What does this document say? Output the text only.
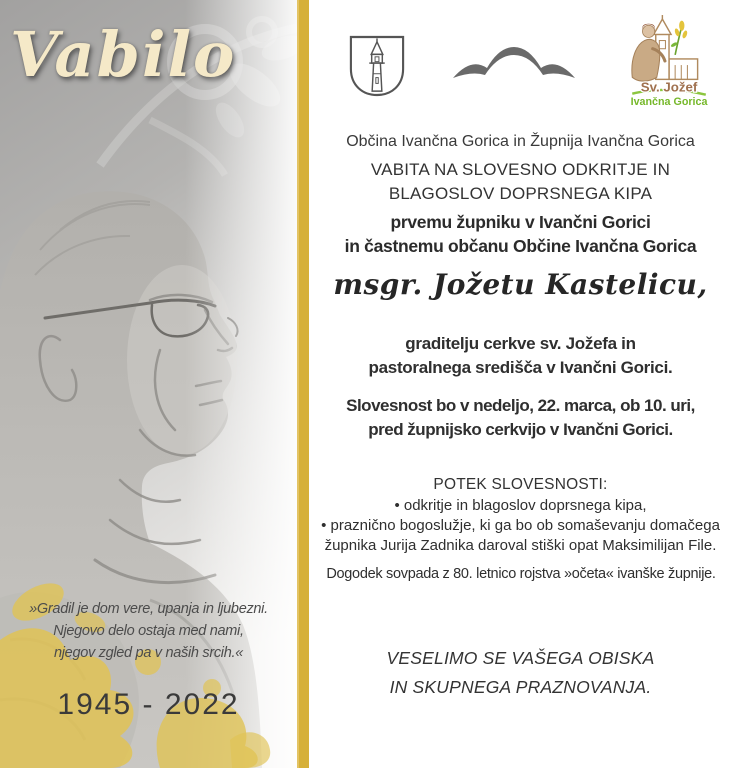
Vabilo
»Gradil je dom vere, upanja in ljubezni.
Njegovo delo ostaja med nami,
njegov zgled pa v naših srcih.«
1945 - 2022
Sv. Jožef
Ivančna Gorica
Občina Ivančna Gorica in Župnija Ivančna Gorica
VABITA NA SLOVESNO ODKRITJE IN
BLAGOSLOV DOPRSNEGA KIPA
prvemu župniku v Ivančni Gorici
in častnemu občanu Občine Ivančna Gorica
msgr. Jožetu Kastelicu,
graditelju cerkve sv. Jožefa in
pastoralnega središča v Ivančni Gorici.
Slovesnost bo v nedeljo, 22. marca, ob 10. uri,
pred župnijsko cerkvijo v Ivančni Gorici.
POTEK SLOVESNOSTI:
• odkritje in blagoslov doprsnega kipa,
• praznično bogoslužje, ki ga bo ob somaševanju domačega župnika Jurija Zadnika daroval stiški opat Maksimilijan File.
Dogodek sovpada z 80. letnico rojstva »očeta« ivanške župnije.
VESELIMO SE VAŠEGA OBISKA
IN SKUPNEGA PRAZNOVANJA.
